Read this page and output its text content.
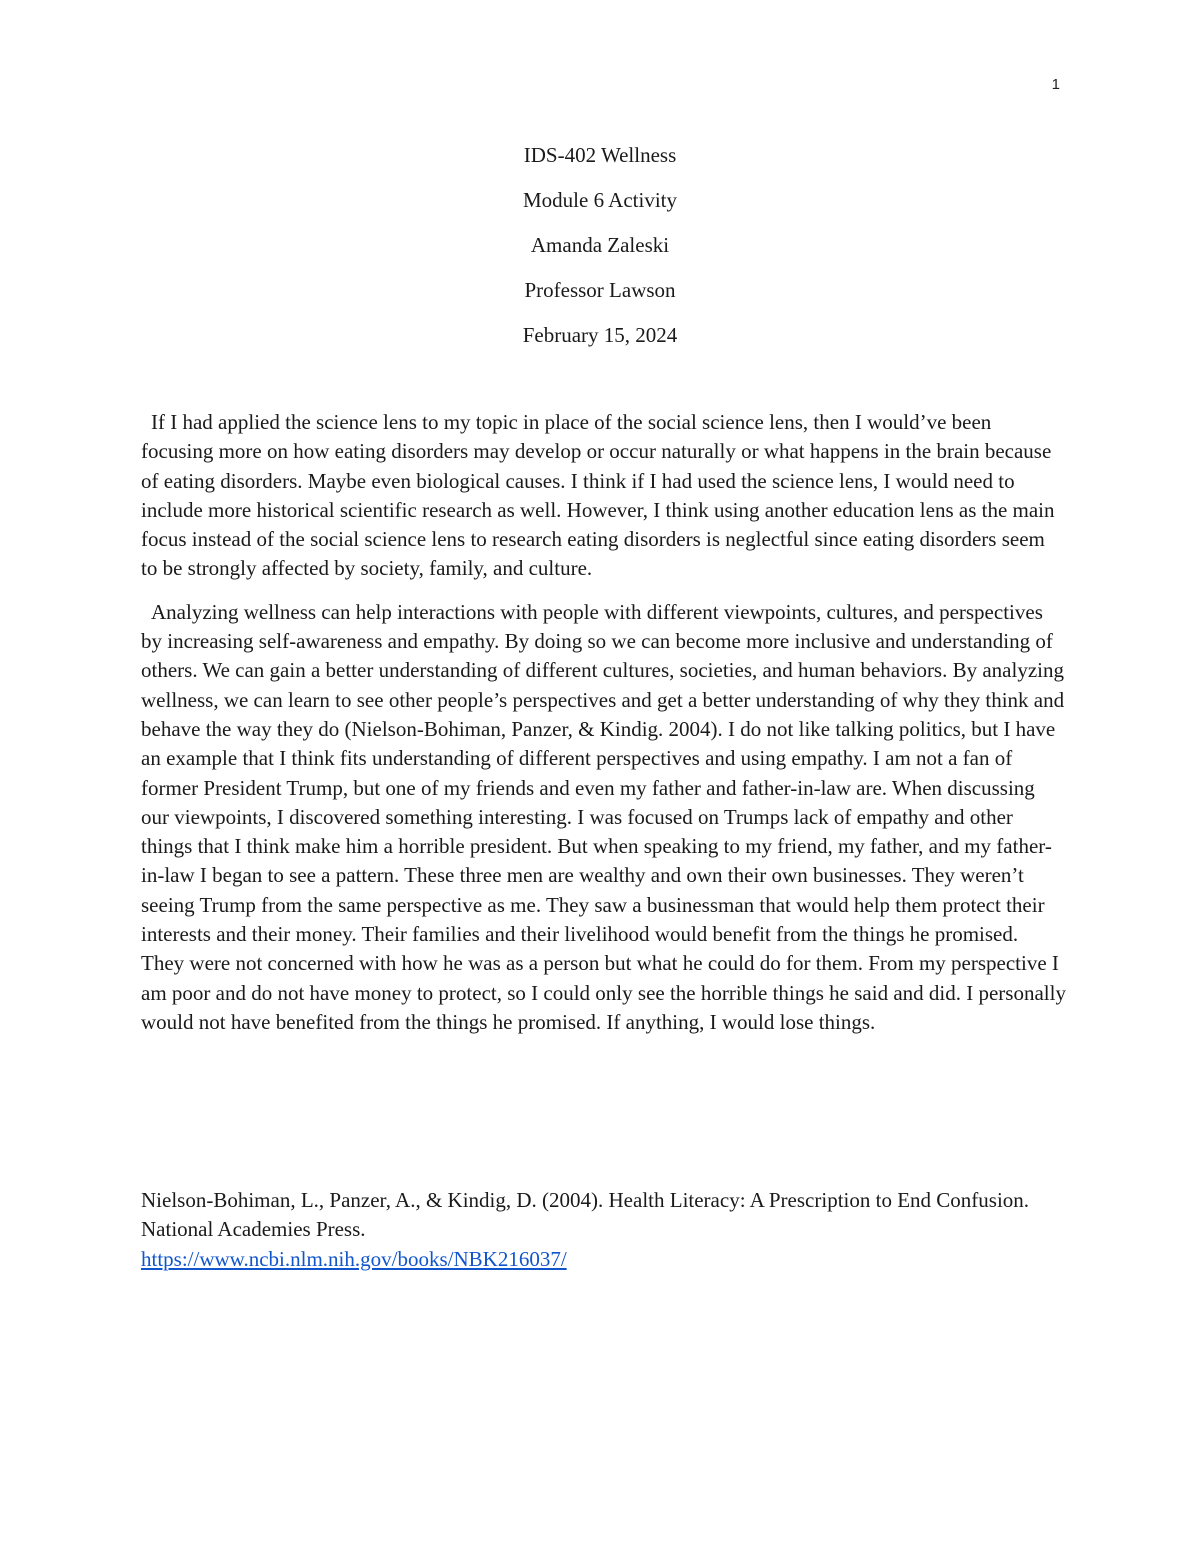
1

IDS-402 Wellness

Module 6 Activity

Amanda Zaleski

Professor Lawson

February 15, 2024

If I had applied the science lens to my topic in place of the social science lens, then I would’ve been focusing more on how eating disorders may develop or occur naturally or what happens in the brain because of eating disorders. Maybe even biological causes. I think if I had used the science lens, I would need to include more historical scientific research as well. However, I think using another education lens as the main focus instead of the social science lens to research eating disorders is neglectful since eating disorders seem to be strongly affected by society, family, and culture.

Analyzing wellness can help interactions with people with different viewpoints, cultures, and perspectives by increasing self-awareness and empathy. By doing so we can become more inclusive and understanding of others. We can gain a better understanding of different cultures, societies, and human behaviors. By analyzing wellness, we can learn to see other people’s perspectives and get a better understanding of why they think and behave the way they do (Nielson-Bohiman, Panzer, & Kindig. 2004). I do not like talking politics, but I have an example that I think fits understanding of different perspectives and using empathy. I am not a fan of former President Trump, but one of my friends and even my father and father-in-law are. When discussing our viewpoints, I discovered something interesting. I was focused on Trumps lack of empathy and other things that I think make him a horrible president. But when speaking to my friend, my father, and my father-in-law I began to see a pattern. These three men are wealthy and own their own businesses. They weren’t seeing Trump from the same perspective as me. They saw a businessman that would help them protect their interests and their money. Their families and their livelihood would benefit from the things he promised. They were not concerned with how he was as a person but what he could do for them. From my perspective I am poor and do not have money to protect, so I could only see the horrible things he said and did. I personally would not have benefited from the things he promised. If anything, I would lose things.

Nielson-Bohiman, L., Panzer, A., & Kindig, D. (2004). Health Literacy: A Prescription to End Confusion. National Academies Press.

https://www.ncbi.nlm.nih.gov/books/NBK216037/
